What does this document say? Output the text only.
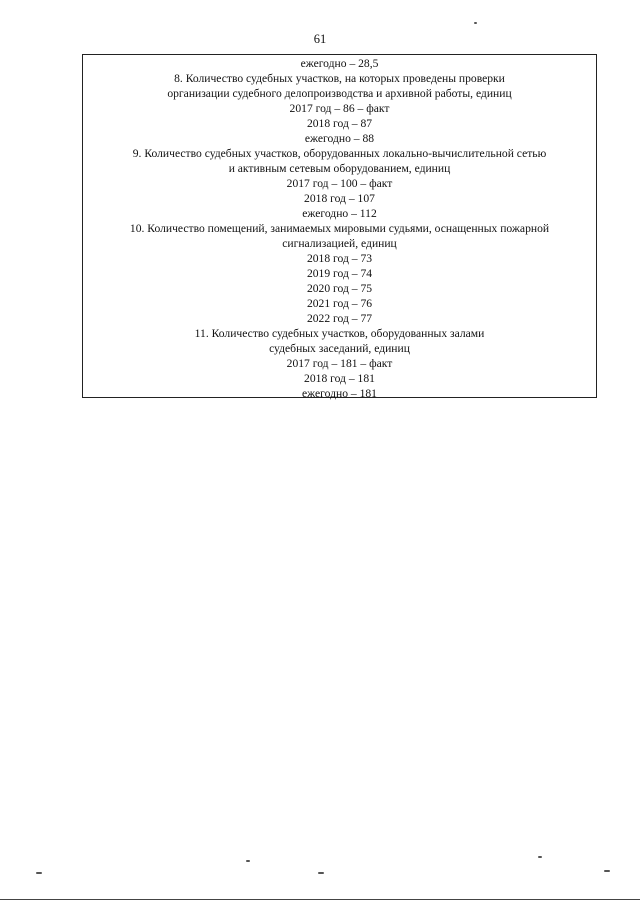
61
ежегодно – 28,5
8. Количество судебных участков, на которых проведены проверки
организации судебного делопроизводства и архивной работы, единиц
2017 год – 86 – факт
2018 год – 87
ежегодно – 88
9. Количество судебных участков, оборудованных локально-вычислительной сетью
и активным сетевым оборудованием, единиц
2017 год – 100 – факт
2018 год – 107
ежегодно – 112
10. Количество помещений, занимаемых мировыми судьями, оснащенных пожарной
сигнализацией, единиц
2018 год – 73
2019 год – 74
2020 год – 75
2021 год – 76
2022 год – 77
11. Количество судебных участков, оборудованных залами
судебных заседаний, единиц
2017 год – 181 – факт
2018 год – 181
ежегодно – 181
